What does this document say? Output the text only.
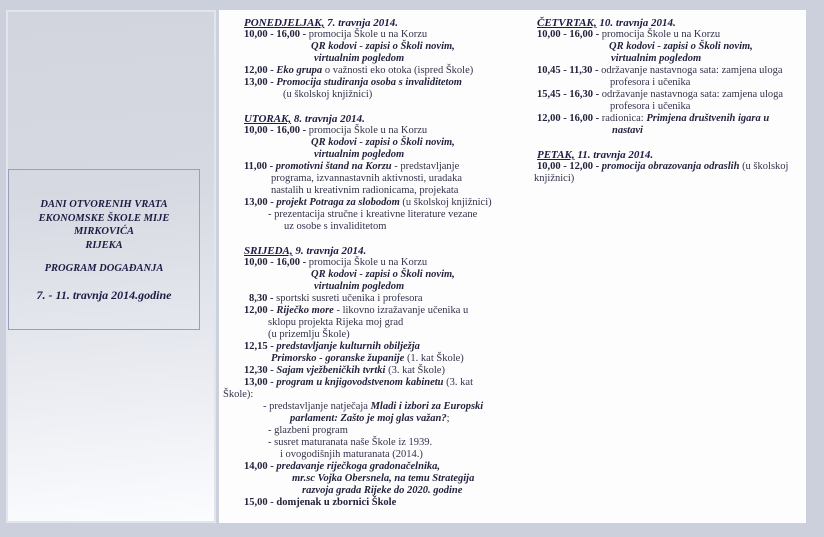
DANI OTVORENIH VRATA
EKONOMSKE ŠKOLE MIJE MIRKOVIĆA
RIJEKA
PROGRAM DOGAĐANJA
7. - 11. travnja 2014.godine
PONEDJELJAK, 7. travnja 2014.
10,00 - 16,00 - promocija Škole u na Korzu
QR kodovi - zapisi o Školi novim,
virtualnim pogledom
12,00 - Eko grupa o važnosti eko otoka (ispred Škole)
13,00 - Promocija studiranja osoba s invaliditetom
(u školskoj knjižnici)
UTORAK, 8. travnja 2014.
10,00 - 16,00 - promocija Škole u na Korzu
QR kodovi - zapisi o Školi novim,
virtualnim pogledom
11,00 - promotivni štand na Korzu - predstavljanje
programa, izvannastavnih aktivnosti, uradaka
nastalih u kreativnim radionicama, projekata
13,00 - projekt Potraga za slobodom (u školskoj knjižnici)
- prezentacija stručne i kreativne literature vezane
uz osobe s invaliditetom
SRIJEDA, 9. travnja 2014.
10,00 - 16,00 - promocija Škole u na Korzu
QR kodovi - zapisi o Školi novim,
virtualnim pogledom
8,30 - sportski susreti učenika i profesora
12,00 - Riječko more - likovno izražavanje učenika u
sklopu projekta Rijeka moj grad
(u prizemlju Škole)
12,15 - predstavljanje kulturnih obilježja
Primorsko - goranske županije (1. kat Škole)
12,30 - Sajam vježbeničkih tvrtki (3. kat Škole)
13,00 - program u knjigovodstvenom kabinetu (3. kat
Škole):
- predstavljanje natječaja Mladi i izbori za Europski
parlament: Zašto je moj glas važan?;
- glazbeni program
- susret maturanata naše Škole iz 1939.
i ovogodišnjih maturanata (2014.)
14,00 - predavanje riječkoga gradonačelnika,
mr.sc Vojka Obersnela, na temu Strategija
razvoja grada Rijeke do 2020. godine
15,00 - domjenak u zbornici Škole
ČETVRTAK, 10. travnja 2014.
10,00 - 16,00 - promocija Škole u na Korzu
QR kodovi - zapisi o Školi novim,
virtualnim pogledom
10,45 - 11,30 - održavanje nastavnoga sata: zamjena uloga
profesora i učenika
15,45 - 16,30 - održavanje nastavnoga sata: zamjena uloga
profesora i učenika
12,00 - 16,00 - radionica: Primjena društvenih igara u
nastavi
PETAK, 11. travnja 2014.
10,00 - 12,00 - promocija obrazovanja odraslih (u školskoj
knjižnici)
